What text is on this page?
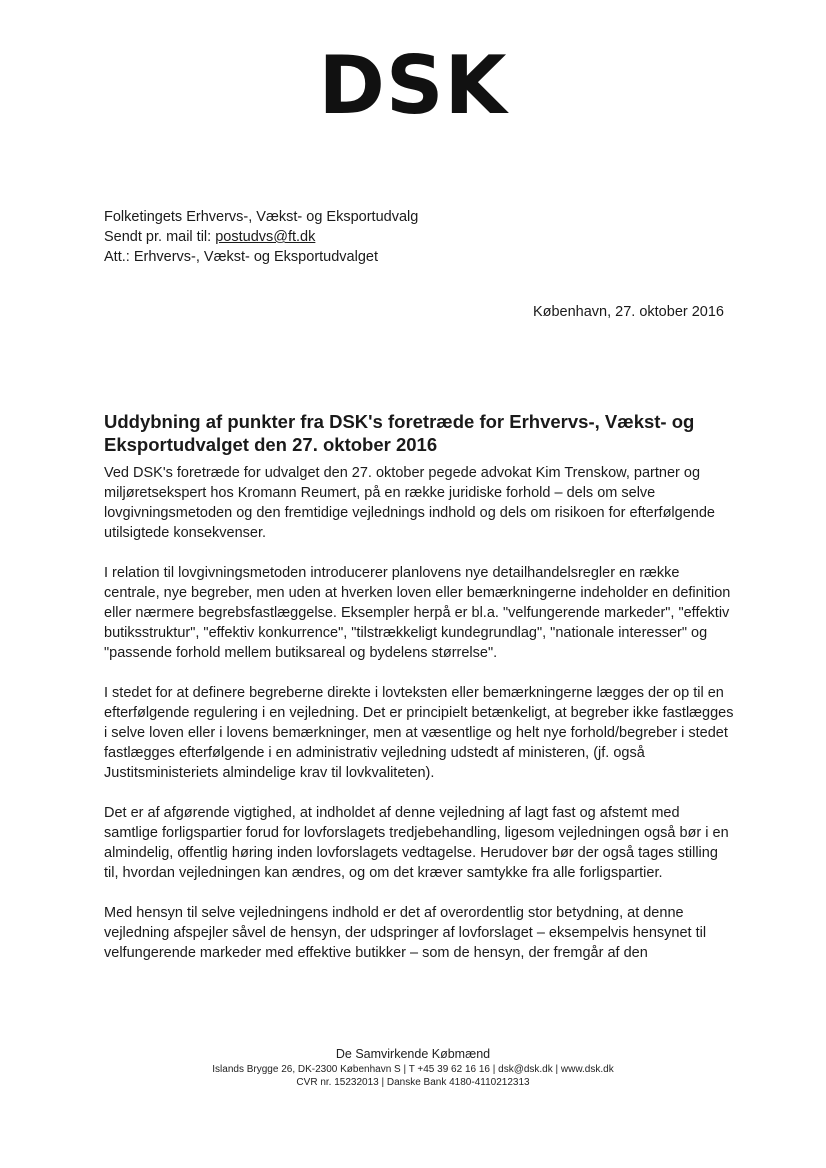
DSK
Folketingets Erhvervs-, Vækst- og Eksportudvalg
Sendt pr. mail til: postudvs@ft.dk
Att.: Erhvervs-, Vækst- og Eksportudvalget
København, 27. oktober 2016
Uddybning af punkter fra DSK's foretræde for Erhvervs-, Vækst- og Eksportudvalget den 27. oktober 2016

Ved DSK's foretræde for udvalget den 27. oktober pegede advokat Kim Trenskow, partner og miljøretsekspert hos Kromann Reumert, på en række juridiske forhold – dels om selve lovgivningsmetoden og den fremtidige vejlednings indhold og dels om risikoen for efterfølgende utilsigtede konsekvenser.

I relation til lovgivningsmetoden introducerer planlovens nye detailhandelsregler en række centrale, nye begreber, men uden at hverken loven eller bemærkningerne indeholder en definition eller nærmere begrebsfastlæggelse. Eksempler herpå er bl.a. "velfungerende markeder", "effektiv butiksstruktur", "effektiv konkurrence", "tilstrækkeligt kundegrundlag", "nationale interesser" og "passende forhold mellem butiksareal og bydelens størrelse".

I stedet for at definere begreberne direkte i lovteksten eller bemærkningerne lægges der op til en efterfølgende regulering i en vejledning. Det er principielt betænkeligt, at begreber ikke fastlægges i selve loven eller i lovens bemærkninger, men at væsentlige og helt nye forhold/begreber i stedet fastlægges efterfølgende i en administrativ vejledning udstedt af ministeren, (jf. også Justitsministeriets almindelige krav til lovkvaliteten).

Det er af afgørende vigtighed, at indholdet af denne vejledning af lagt fast og afstemt med samtlige forligspartier forud for lovforslagets tredjebehandling, ligesom vejledningen også bør i en almindelig, offentlig høring inden lovforslagets vedtagelse. Herudover bør der også tages stilling til, hvordan vejledningen kan ændres, og om det kræver samtykke fra alle forligspartier.

Med hensyn til selve vejledningens indhold er det af overordentlig stor betydning, at denne vejledning afspejler såvel de hensyn, der udspringer af lovforslaget – eksempelvis hensynet til velfungerende markeder med effektive butikker – som de hensyn, der fremgår af den

De Samvirkende Købmænd
Islands Brygge 26, DK-2300 København S | T +45 39 62 16 16 | dsk@dsk.dk | www.dsk.dk
CVR nr. 15232013 | Danske Bank 4180-4110212313
